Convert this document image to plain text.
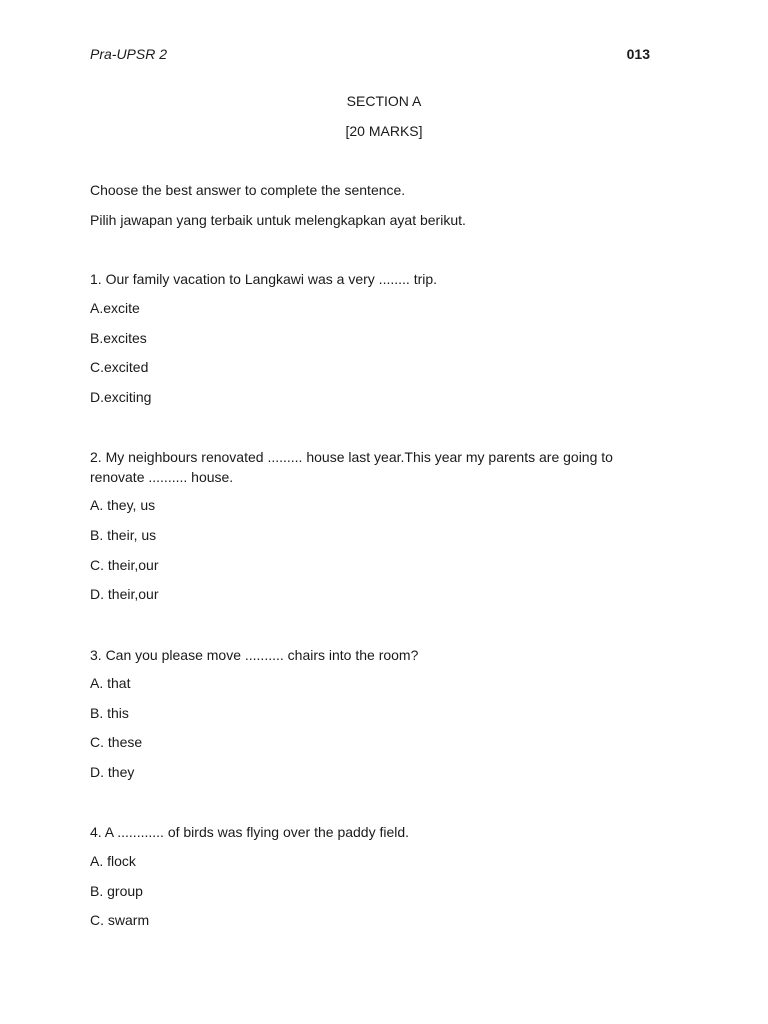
Pra-UPSR 2	013
SECTION A
[20 MARKS]
Choose the best answer to complete the sentence.
Pilih jawapan yang terbaik untuk melengkapkan ayat berikut.
1. Our family vacation to Langkawi was a very ........ trip.
A.excite
B.excites
C.excited
D.exciting
2. My neighbours renovated ......... house last year.This year my parents are going to renovate .......... house.
A. they, us
B. their, us
C. their,our
D. their,our
3. Can you please move .......... chairs into the room?
A. that
B. this
C. these
D. they
4. A ............ of birds was flying over the paddy field.
A. flock
B. group
C. swarm
